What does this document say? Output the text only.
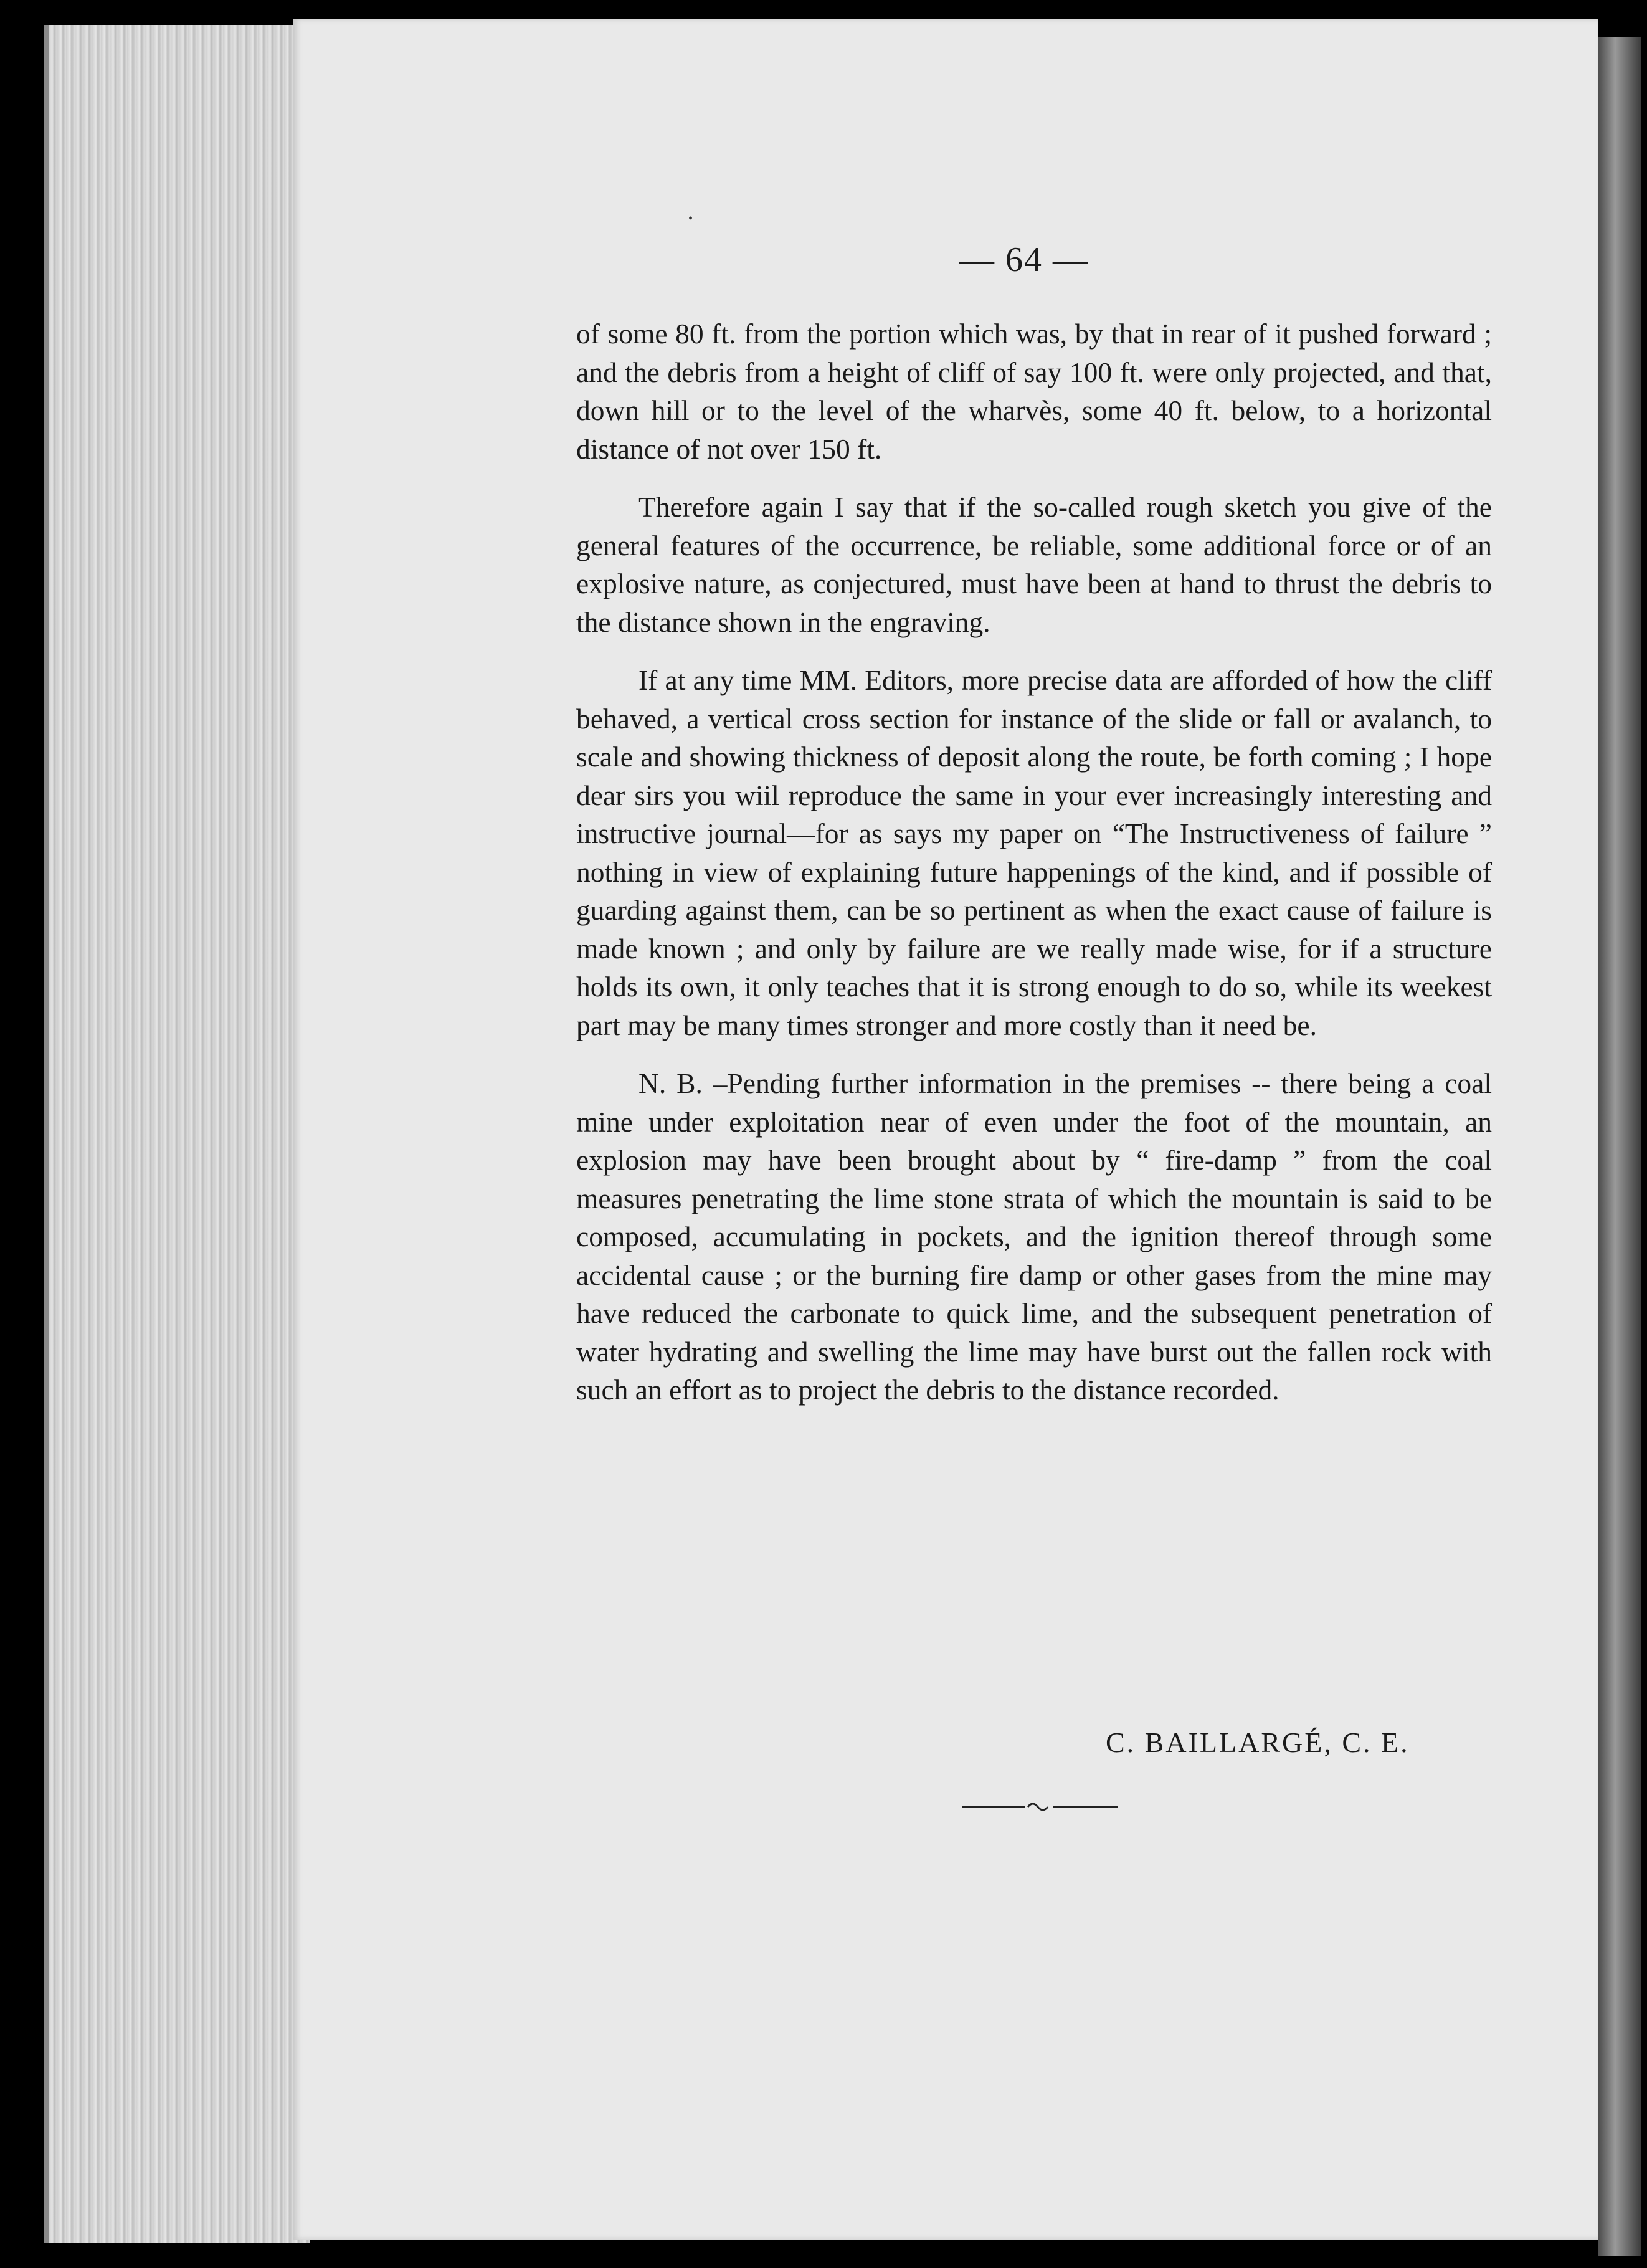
•
— 64 —

of some 80 ft. from the portion which was, by that in rear of it pushed forward ; and the debris from a height of cliff of say 100 ft. were only projected, and that, down hill or to the level of the wharvès, some 40 ft. below, to a horizontal distance of not over 150 ft.

Therefore again I say that if the so-called rough sketch you give of the general features of the occurrence, be reliable, some additional force or of an explosive nature, as conjectured, must have been at hand to thrust the debris to the distance shown in the engraving.

If at any time MM. Editors, more precise data are afforded of how the cliff behaved, a vertical cross section for instance of the slide or fall or avalanch, to scale and showing thickness of deposit along the route, be forth coming ; I hope dear sirs you wiil reproduce the same in your ever increasingly interesting and instructive journal—for as says my paper on “The Instructiveness of failure ” nothing in view of explaining future happenings of the kind, and if possible of guarding against them, can be so pertinent as when the exact cause of failure is made known ; and only by failure are we really made wise, for if a structure holds its own, it only teaches that it is strong enough to do so, while its weekest part may be many times stronger and more costly than it need be.

N. B. –Pending further information in the premises -- there being a coal mine under exploitation near of even under the foot of the mountain, an explosion may have been brought about by “ fire-damp ” from the coal measures penetrating the lime stone strata of which the mountain is said to be composed, accumulating in pockets, and the ignition thereof through some accidental cause ; or the burning fire damp or other gases from the mine may have reduced the carbonate to quick lime, and the subsequent penetration of water hydrating and swelling the lime may have burst out the fallen rock with such an effort as to project the debris to the distance recorded.

C. BAILLARGÉ, C. E.
